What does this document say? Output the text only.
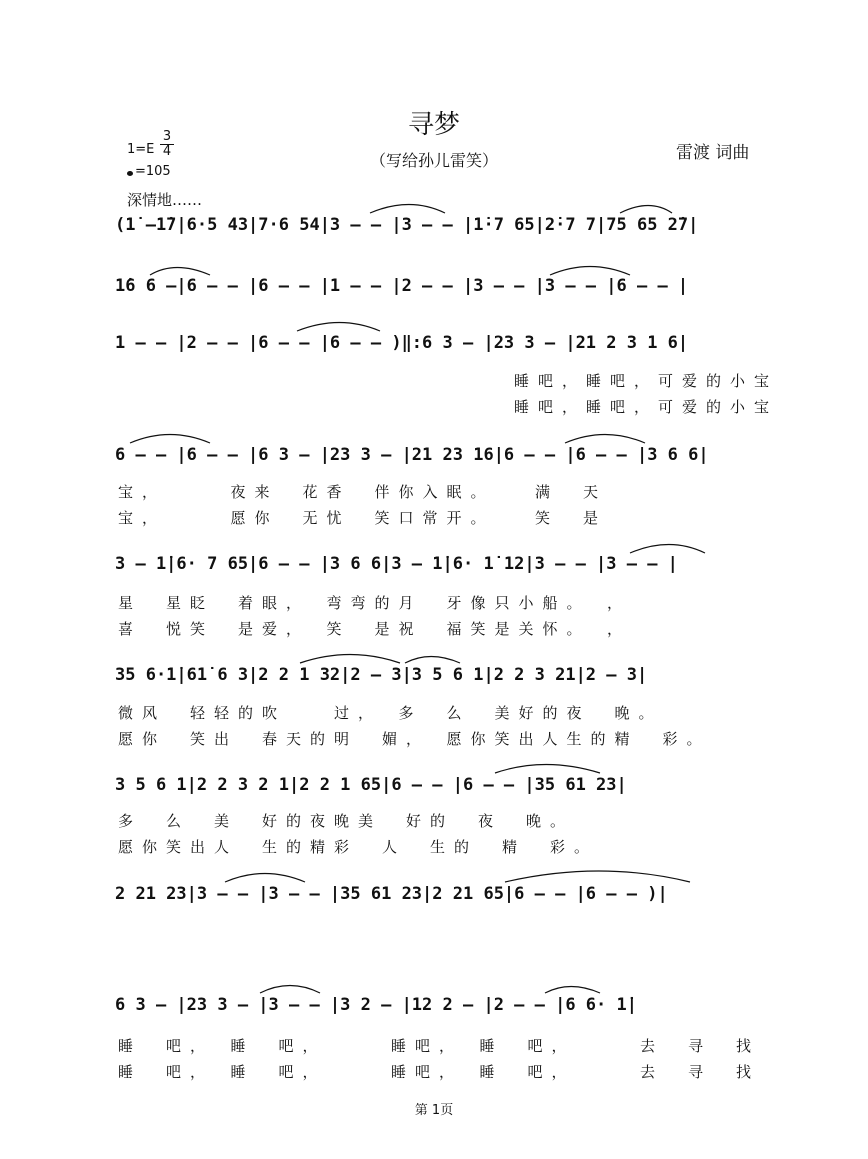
寻梦
（写给孙儿雷笑）	雷渡 词曲
1=E
3
4
=105
深情地……
(1̇ –1̇7|6·5 43|7·6 54|3 – – |3 – – |1̇·7 65|2̇·7 7|75 65 2̇7|
1̇6 6 –|6 – – |6 – – |1 – – |2 – – |3 – – |3 – – |6 – – |
1 – – |2 – – |6 – – |6 – – )‖:6 3 – |23 3 – |21 2 3 1 6|
睡吧，睡吧，可爱的小宝
睡吧，睡吧，可爱的小宝
6 – – |6 – – |6 3 – |23 3 – |21 23 16|6 – – |6 – – |3 6 6|
宝，　　　夜来　花香　伴你入眠。　　满　天
宝，　　　愿你　无忧　笑口常开。　　笑　是
3 – 1̇|6· 7 65|6 – – |3 6 6|3 – 1̇|6· 1̇ 12|3 – – |3 – – |
星　星眨　着眼，　弯弯的月　牙像只小船。　，
喜　悦笑　是爱，　笑　是祝　福笑是关怀。　，
35 6·1̇|61̇ 6 3|2 2 1 32|2 – 3|3 5 6 1|2 2 3 21|2 – 3|
微风　轻轻的吹　　过，　多　么　美好的夜　晚。
愿你　笑出　春天的明　媚，　愿你笑出人生的精　彩。
3 5 6 1|2 2 3 2 1|2 2 1 65|6 – – |6 – – |35 61 23|
多　么　美　好的夜晚美　好的　夜　晚。
愿你笑出人　生的精彩　人　生的　精　彩。
2 21 23|3 – – |3 – – |35 61 23|2 21 65|6 – – |6 – – )|
6 3 – |23 3 – |3 – – |3 2 – |12 2 – |2 – – |6 6· 1̇|
睡　吧，　睡　吧，　　　睡吧，　睡　吧，　　　去　寻　找
睡　吧，　睡　吧，　　　睡吧，　睡　吧，　　　去　寻　找
第 1页
